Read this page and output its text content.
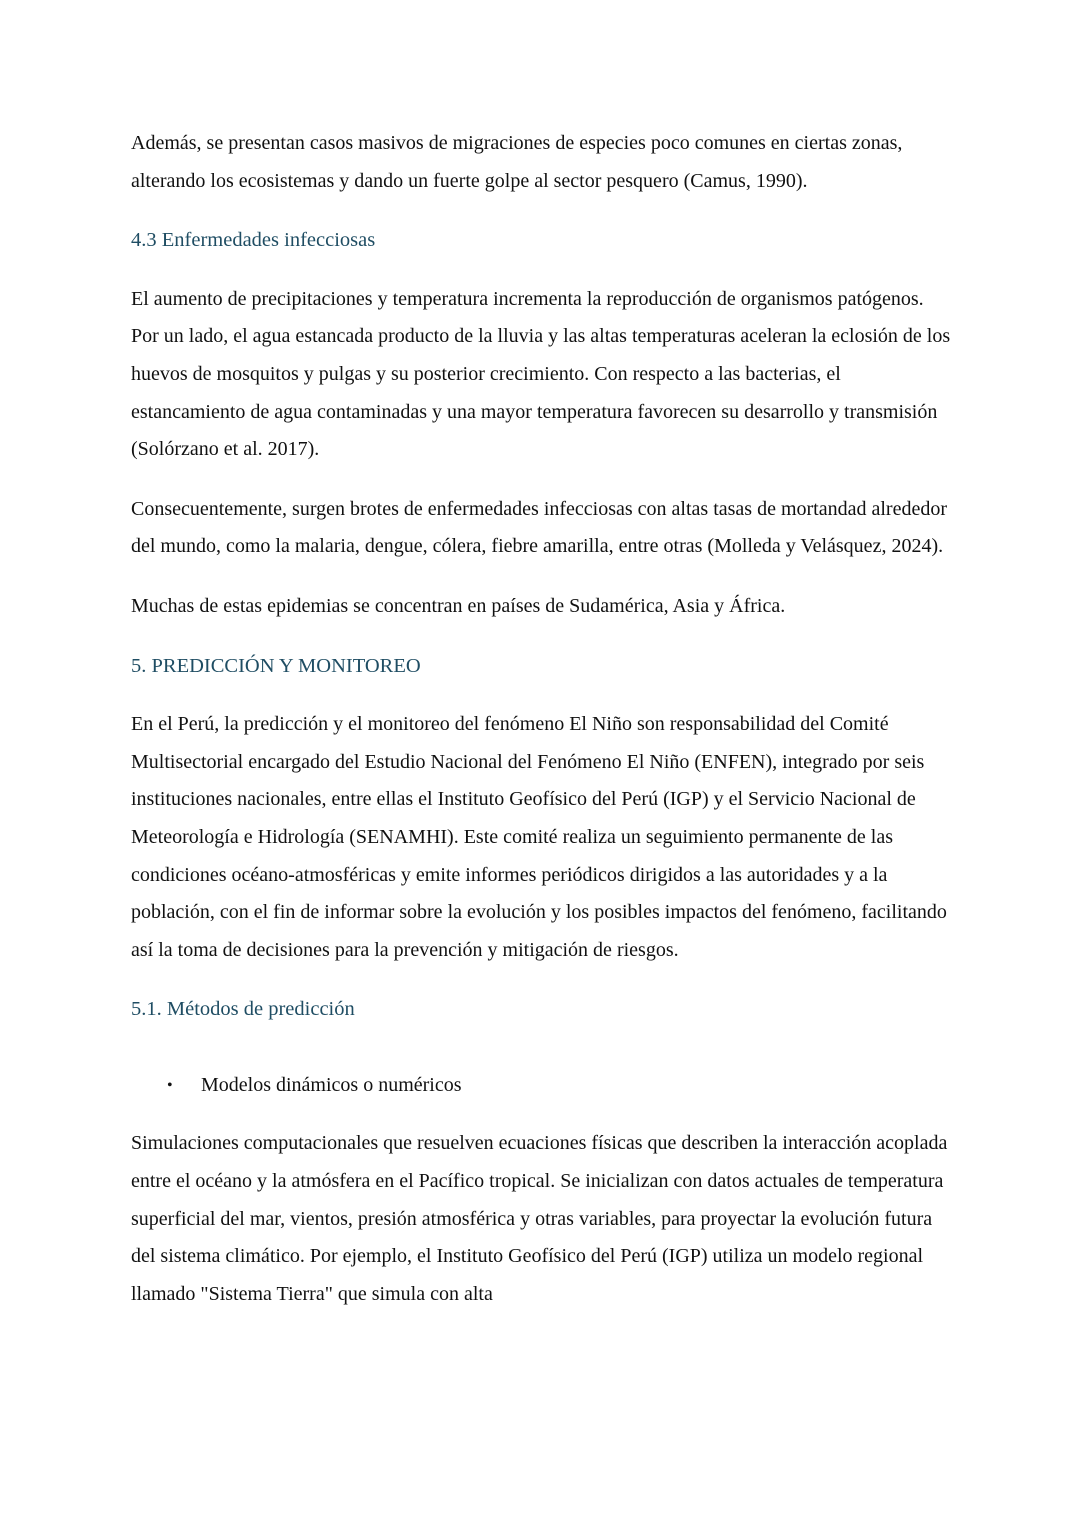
Además, se presentan casos masivos de migraciones de especies poco comunes en ciertas zonas, alterando los ecosistemas y dando un fuerte golpe al sector pesquero (Camus, 1990).

4.3 Enfermedades infecciosas

El aumento de precipitaciones y temperatura incrementa la reproducción de organismos patógenos. Por un lado, el agua estancada producto de la lluvia y las altas temperaturas aceleran la eclosión de los huevos de mosquitos y pulgas y su posterior crecimiento. Con respecto a las bacterias, el estancamiento de agua contaminadas y una mayor temperatura favorecen su desarrollo y transmisión (Solórzano et al. 2017).

Consecuentemente, surgen brotes de enfermedades infecciosas con altas tasas de mortandad alrededor del mundo, como la malaria, dengue, cólera, fiebre amarilla, entre otras (Molleda y Velásquez, 2024).

Muchas de estas epidemias se concentran en países de Sudamérica, Asia y África.

5. PREDICCIÓN Y MONITOREO

En el Perú, la predicción y el monitoreo del fenómeno El Niño son responsabilidad del Comité Multisectorial encargado del Estudio Nacional del Fenómeno El Niño (ENFEN), integrado por seis instituciones nacionales, entre ellas el Instituto Geofísico del Perú (IGP) y el Servicio Nacional de Meteorología e Hidrología (SENAMHI). Este comité realiza un seguimiento permanente de las condiciones océano-atmosféricas y emite informes periódicos dirigidos a las autoridades y a la población, con el fin de informar sobre la evolución y los posibles impactos del fenómeno, facilitando así la toma de decisiones para la prevención y mitigación de riesgos.

5.1. Métodos de predicción
• Modelos dinámicos o numéricos

Simulaciones computacionales que resuelven ecuaciones físicas que describen la interacción acoplada entre el océano y la atmósfera en el Pacífico tropical. Se inicializan con datos actuales de temperatura superficial del mar, vientos, presión atmosférica y otras variables, para proyectar la evolución futura del sistema climático. Por ejemplo, el Instituto Geofísico del Perú (IGP) utiliza un modelo regional llamado "Sistema Tierra" que simula con alta
